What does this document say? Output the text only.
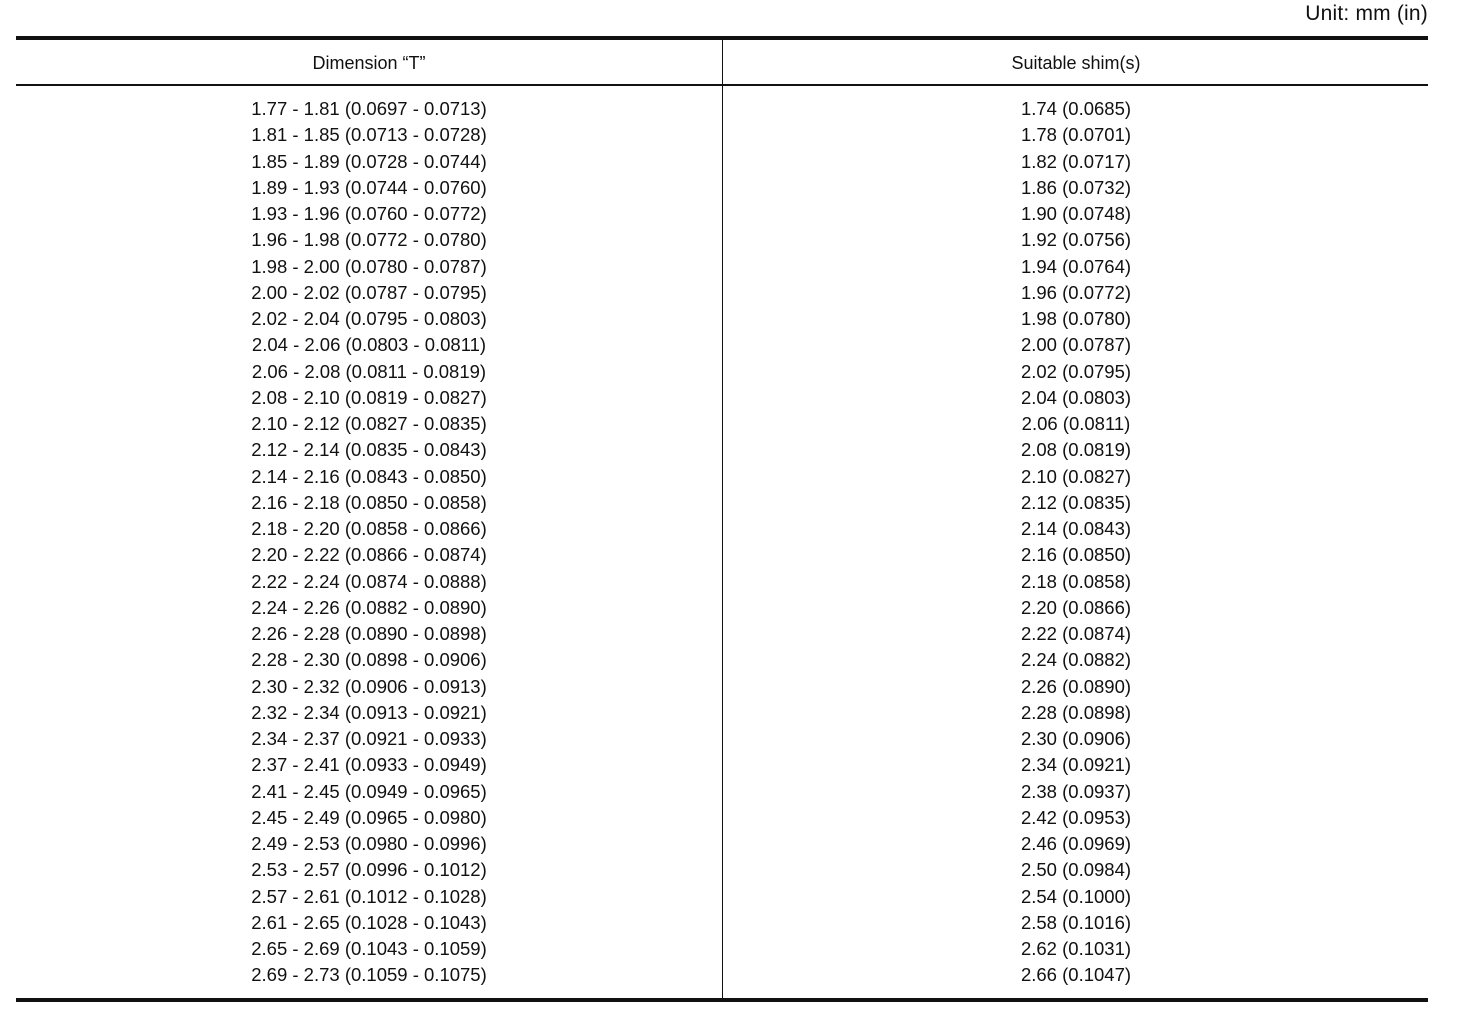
Unit: mm (in)
Dimension “T”	Suitable shim(s)
1.77 - 1.81 (0.0697 - 0.0713)
1.81 - 1.85 (0.0713 - 0.0728)
1.85 - 1.89 (0.0728 - 0.0744)
1.89 - 1.93 (0.0744 - 0.0760)
1.93 - 1.96 (0.0760 - 0.0772)
1.96 - 1.98 (0.0772 - 0.0780)
1.98 - 2.00 (0.0780 - 0.0787)
2.00 - 2.02 (0.0787 - 0.0795)
2.02 - 2.04 (0.0795 - 0.0803)
2.04 - 2.06 (0.0803 - 0.0811)
2.06 - 2.08 (0.0811 - 0.0819)
2.08 - 2.10 (0.0819 - 0.0827)
2.10 - 2.12 (0.0827 - 0.0835)
2.12 - 2.14 (0.0835 - 0.0843)
2.14 - 2.16 (0.0843 - 0.0850)
2.16 - 2.18 (0.0850 - 0.0858)
2.18 - 2.20 (0.0858 - 0.0866)
2.20 - 2.22 (0.0866 - 0.0874)
2.22 - 2.24 (0.0874 - 0.0888)
2.24 - 2.26 (0.0882 - 0.0890)
2.26 - 2.28 (0.0890 - 0.0898)
2.28 - 2.30 (0.0898 - 0.0906)
2.30 - 2.32 (0.0906 - 0.0913)
2.32 - 2.34 (0.0913 - 0.0921)
2.34 - 2.37 (0.0921 - 0.0933)
2.37 - 2.41 (0.0933 - 0.0949)
2.41 - 2.45 (0.0949 - 0.0965)
2.45 - 2.49 (0.0965 - 0.0980)
2.49 - 2.53 (0.0980 - 0.0996)
2.53 - 2.57 (0.0996 - 0.1012)
2.57 - 2.61 (0.1012 - 0.1028)
2.61 - 2.65 (0.1028 - 0.1043)
2.65 - 2.69 (0.1043 - 0.1059)
2.69 - 2.73 (0.1059 - 0.1075)
1.74 (0.0685)
1.78 (0.0701)
1.82 (0.0717)
1.86 (0.0732)
1.90 (0.0748)
1.92 (0.0756)
1.94 (0.0764)
1.96 (0.0772)
1.98 (0.0780)
2.00 (0.0787)
2.02 (0.0795)
2.04 (0.0803)
2.06 (0.0811)
2.08 (0.0819)
2.10 (0.0827)
2.12 (0.0835)
2.14 (0.0843)
2.16 (0.0850)
2.18 (0.0858)
2.20 (0.0866)
2.22 (0.0874)
2.24 (0.0882)
2.26 (0.0890)
2.28 (0.0898)
2.30 (0.0906)
2.34 (0.0921)
2.38 (0.0937)
2.42 (0.0953)
2.46 (0.0969)
2.50 (0.0984)
2.54 (0.1000)
2.58 (0.1016)
2.62 (0.1031)
2.66 (0.1047)
